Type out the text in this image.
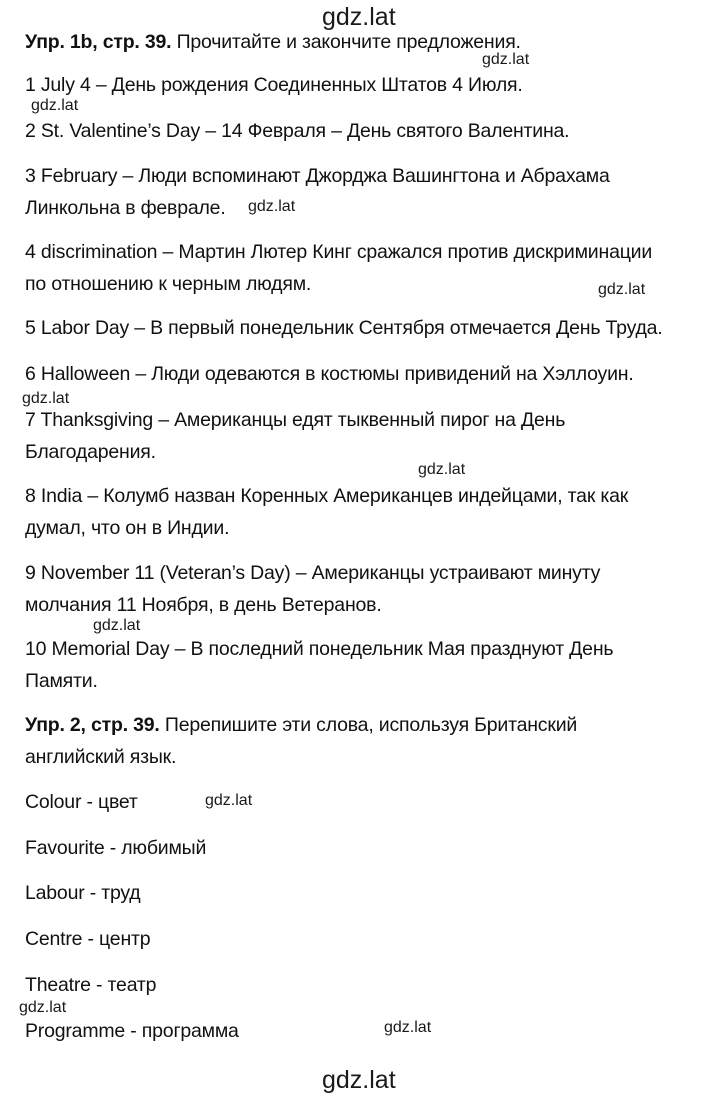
gdz.lat
Упр. 1b, стр. 39. Прочитайте и закончите предложения.
gdz.lat
1 July 4 – День рождения Соединенных Штатов 4 Июля.
gdz.lat
2 St. Valentine’s Day – 14 Февраля – День святого Валентина.
3 February – Люди вспоминают Джорджа Вашингтона и Абрахама
Линкольна в феврале. gdz.lat
4 discrimination – Мартин Лютер Кинг сражался против дискриминации
по отношению к черным людям.	gdz.lat
5 Labor Day – В первый понедельник Сентября отмечается День Труда.
6 Halloween – Люди одеваются в костюмы привидений на Хэллоуин.
gdz.lat
7 Thanksgiving – Американцы едят тыквенный пирог на День
Благодарения.
gdz.lat
8 India – Колумб назван Коренных Американцев индейцами, так как
думал, что он в Индии.
9 November 11 (Veteran’s Day) – Американцы устраивают минуту
молчания 11 Ноября, в день Ветеранов.
gdz.lat
10 Memorial Day – В последний понедельник Мая празднуют День
Памяти.
Упр. 2, стр. 39. Перепишите эти слова, используя Британский
английский язык.
Colour - цвет	gdz.lat
Favourite - любимый
Labour - труд
Centre - центр
Theatre - театр
gdz.lat
Programme - программа	gdz.lat
gdz.lat
